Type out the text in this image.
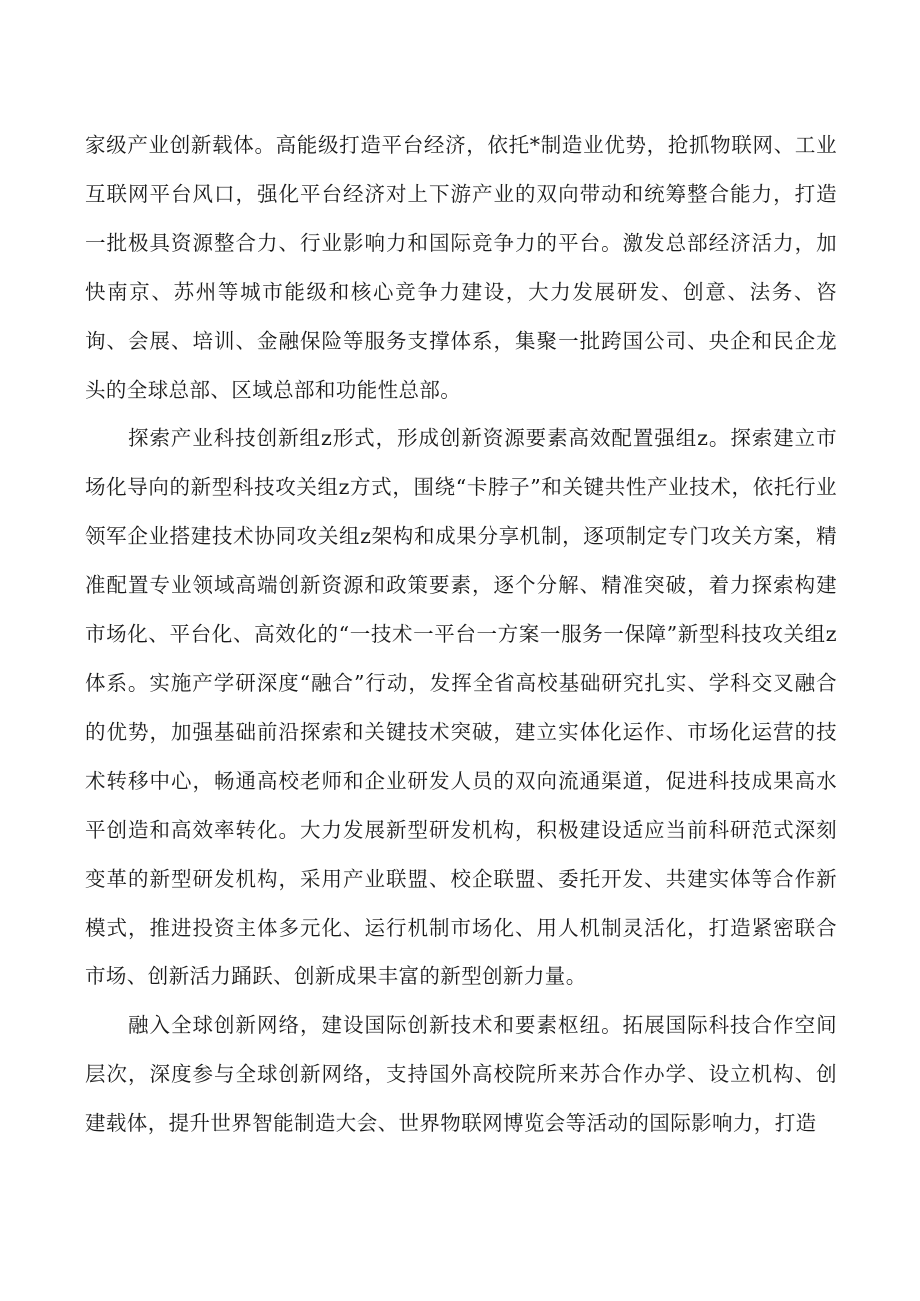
家级产业创新载体。高能级打造平台经济，依托*制造业优势，抢抓物联网、工业互联网平台风口，强化平台经济对上下游产业的双向带动和统筹整合能力，打造一批极具资源整合力、行业影响力和国际竞争力的平台。激发总部经济活力，加快南京、苏州等城市能级和核心竞争力建设，大力发展研发、创意、法务、咨询、会展、培训、金融保险等服务支撑体系，集聚一批跨国公司、央企和民企龙头的全球总部、区域总部和功能性总部。

探索产业科技创新组z形式，形成创新资源要素高效配置强组z。探索建立市场化导向的新型科技攻关组z方式，围绕“卡脖子”和关键共性产业技术，依托行业领军企业搭建技术协同攻关组z架构和成果分享机制，逐项制定专门攻关方案，精准配置专业领域高端创新资源和政策要素，逐个分解、精准突破，着力探索构建市场化、平台化、高效化的“一技术一平台一方案一服务一保障”新型科技攻关组z体系。实施产学研深度“融合”行动，发挥全省高校基础研究扎实、学科交叉融合的优势，加强基础前沿探索和关键技术突破，建立实体化运作、市场化运营的技术转移中心，畅通高校老师和企业研发人员的双向流通渠道，促进科技成果高水平创造和高效率转化。大力发展新型研发机构，积极建设适应当前科研范式深刻变革的新型研发机构，采用产业联盟、校企联盟、委托开发、共建实体等合作新模式，推进投资主体多元化、运行机制市场化、用人机制灵活化，打造紧密联合市场、创新活力踊跃、创新成果丰富的新型创新力量。

融入全球创新网络，建设国际创新技术和要素枢纽。拓展国际科技合作空间层次，深度参与全球创新网络，支持国外高校院所来苏合作办学、设立机构、创建载体，提升世界智能制造大会、世界物联网博览会等活动的国际影响力，打造
